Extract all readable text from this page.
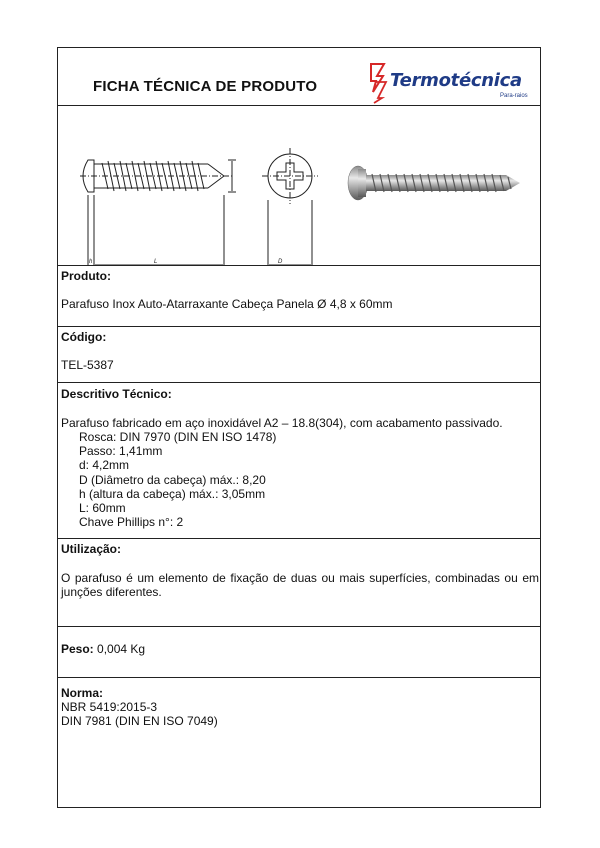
FICHA TÉCNICA DE PRODUTO	Termotécnica
Para-raios
h	L	D
Produto:
Parafuso Inox Auto-Atarraxante Cabeça Panela Ø 4,8 x 60mm
Código:
TEL-5387
Descritivo Técnico:
Parafuso fabricado em aço inoxidável A2 – 18.8(304), com acabamento passivado.
Rosca: DIN 7970 (DIN EN ISO 1478)
Passo: 1,41mm
d: 4,2mm
D (Diâmetro da cabeça) máx.: 8,20
h (altura da cabeça) máx.: 3,05mm
L: 60mm
Chave Phillips n°: 2
Utilização:
O parafuso é um elemento de fixação de duas ou mais superfícies, combinadas ou em junções diferentes.
Peso: 0,004 Kg
Norma:
NBR 5419:2015-3
DIN 7981 (DIN EN ISO 7049)
